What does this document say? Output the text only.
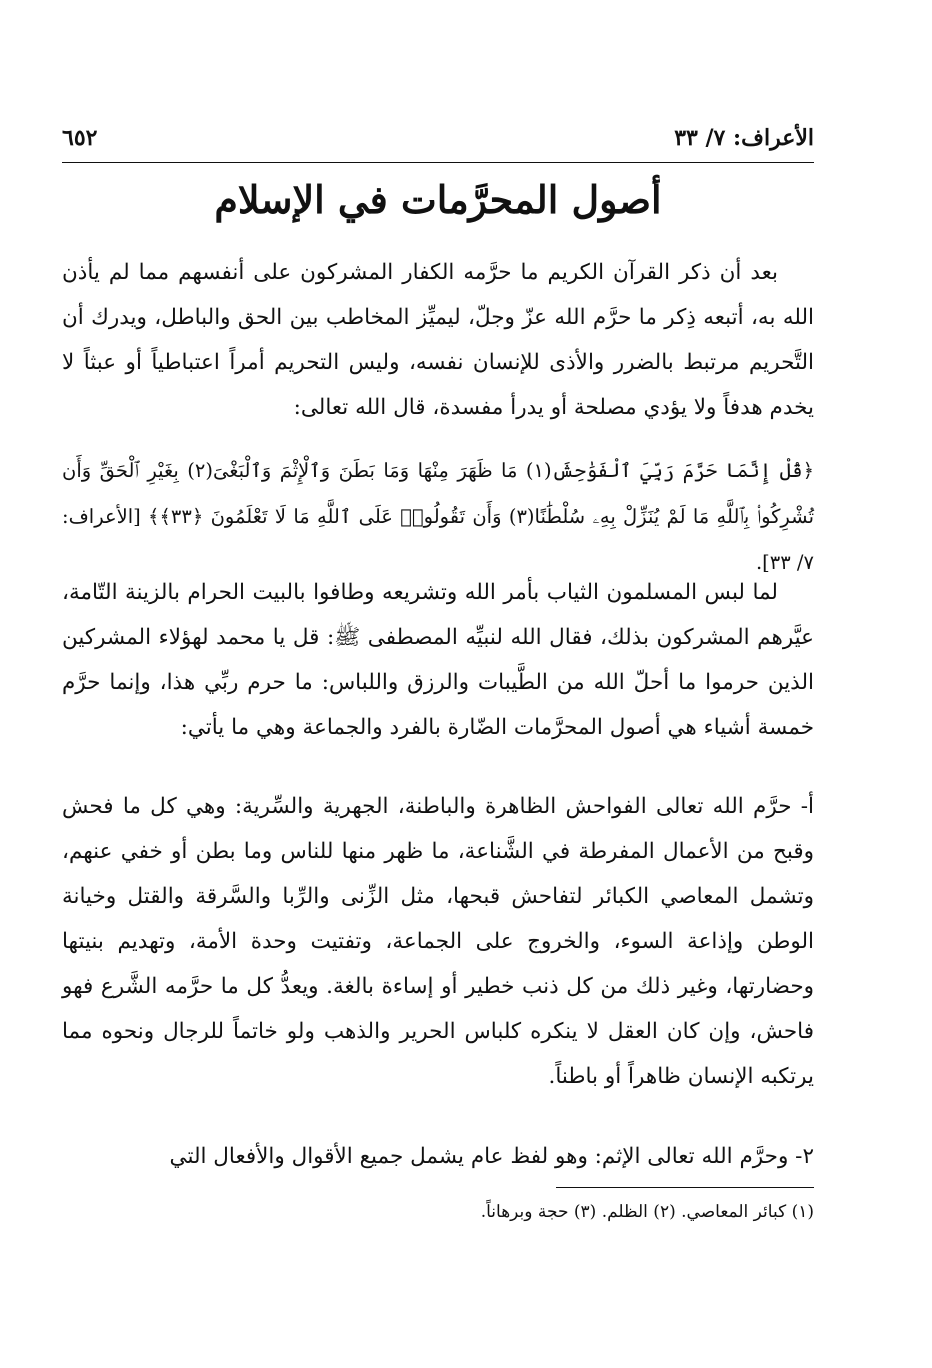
الأعراف: ٧/ ٣٣
٦٥٢
أصول المحرَّمات في الإسلام
بعد أن ذكر القرآن الكريم ما حرَّمه الكفار المشركون على أنفسهم مما لم يأذن الله به، أتبعه ذِكر ما حرَّم الله عزّ وجلّ، ليميِّز المخاطب بين الحق والباطل، ويدرك أن التَّحريم مرتبط بالضرر والأذى للإنسان نفسه، وليس التحريم أمراً اعتباطياً أو عبثاً لا يخدم هدفاً ولا يؤدي مصلحة أو يدرأ مفسدة، قال الله تعالى:
﴿قُلْ إِنَّمَا حَرَّمَ رَبِّيَ ٱلْفَوَٰحِشَ(١) مَا ظَهَرَ مِنْهَا وَمَا بَطَنَ وَٱلْإِثْمَ وَٱلْبَغْىَ(٢) بِغَيْرِ ٱلْحَقِّ وَأَن تُشْرِكُوا۟ بِٱللَّهِ مَا لَمْ يُنَزِّلْ بِهِۦ سُلْطَٰنًا(٣) وَأَن تَقُولُوا۟ عَلَى ٱللَّهِ مَا لَا تَعْلَمُونَ ﴿٣٣﴾﴾ [الأعراف: ٧/ ٣٣].
لما لبس المسلمون الثياب بأمر الله وتشريعه وطافوا بالبيت الحرام بالزينة التّامة، عيَّرهم المشركون بذلك، فقال الله لنبيِّه المصطفى ﷺ: قل يا محمد لهؤلاء المشركين الذين حرموا ما أحلّ الله من الطَّيبات والرزق واللباس: ما حرم ربِّي هذا، وإنما حرَّم خمسة أشياء هي أصول المحرَّمات الضّارة بالفرد والجماعة وهي ما يأتي:
أ- حرَّم الله تعالى الفواحش الظاهرة والباطنة، الجهرية والسِّرية: وهي كل ما فحش وقبح من الأعمال المفرطة في الشَّناعة، ما ظهر منها للناس وما بطن أو خفي عنهم، وتشمل المعاصي الكبائر لتفاحش قبحها، مثل الزِّنى والرِّبا والسَّرقة والقتل وخيانة الوطن وإذاعة السوء، والخروج على الجماعة، وتفتيت وحدة الأمة، وتهديم بنيتها وحضارتها، وغير ذلك من كل ذنب خطير أو إساءة بالغة. ويعدُّ كل ما حرَّمه الشَّرع فهو فاحش، وإن كان العقل لا ينكره كلباس الحرير والذهب ولو خاتماً للرجال ونحوه مما يرتكبه الإنسان ظاهراً أو باطناً.
٢- وحرَّم الله تعالى الإثم: وهو لفظ عام يشمل جميع الأقوال والأفعال التي
(١) كبائر المعاصي. (٢) الظلم. (٣) حجة وبرهاناً.
